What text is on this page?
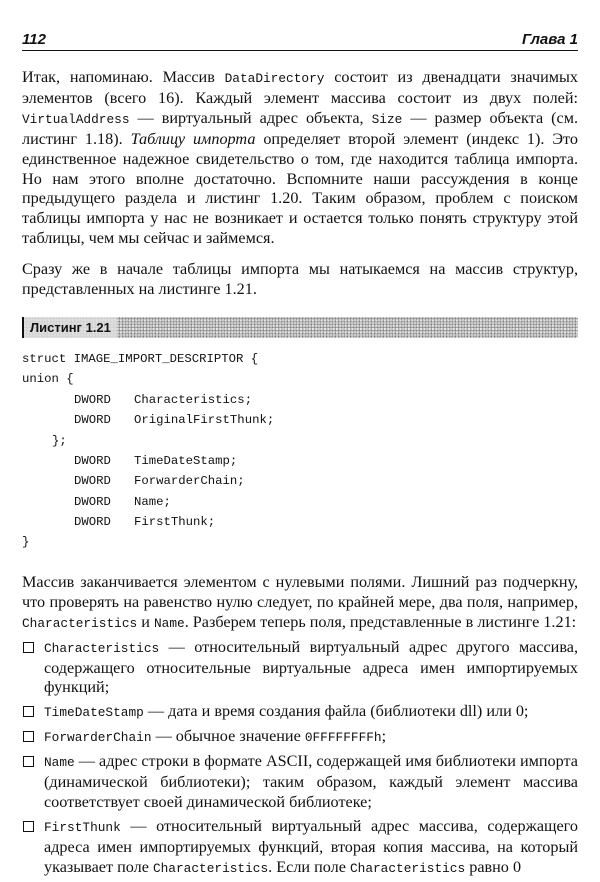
112	Глава 1

Итак, напоминаю. Массив DataDirectory состоит из двенадцати значимых элементов (всего 16). Каждый элемент массива состоит из двух полей: VirtualAddress — виртуальный адрес объекта, Size — размер объекта (см. листинг 1.18). Таблицу импорта определяет второй элемент (индекс 1). Это единственное надежное свидетельство о том, где находится таблица импорта. Но нам этого вполне достаточно. Вспомните наши рассуждения в конце предыдущего раздела и листинг 1.20. Таким образом, проблем с поиском таблицы импорта у нас не возникает и остается только понять структуру этой таблицы, чем мы сейчас и займемся.

Сразу же в начале таблицы импорта мы натыкаемся на массив структур, представленных на листинге 1.21.

Листинг 1.21
struct IMAGE_IMPORT_DESCRIPTOR {
union {
DWORD Characteristics;
DWORD OriginalFirstThunk;
};
DWORD TimeDateStamp;
DWORD ForwarderChain;
DWORD Name;
DWORD FirstThunk;
}

Массив заканчивается элементом с нулевыми полями. Лишний раз подчеркну, что проверять на равенство нулю следует, по крайней мере, два поля, например, Characteristics и Name. Разберем теперь поля, представленные в листинге 1.21:

Characteristics — относительный виртуальный адрес другого массива, содержащего относительные виртуальные адреса имен импортируемых функций;

TimeDateStamp — дата и время создания файла (библиотеки dll) или 0;

ForwarderChain — обычное значение 0FFFFFFFFh;

Name — адрес строки в формате ASCII, содержащей имя библиотеки импорта (динамической библиотеки); таким образом, каждый элемент массива соответствует своей динамической библиотеке;

FirstThunk — относительный виртуальный адрес массива, содержащего адреса имен импортируемых функций, вторая копия массива, на который указывает поле Characteristics. Если поле Characteristics равно 0
